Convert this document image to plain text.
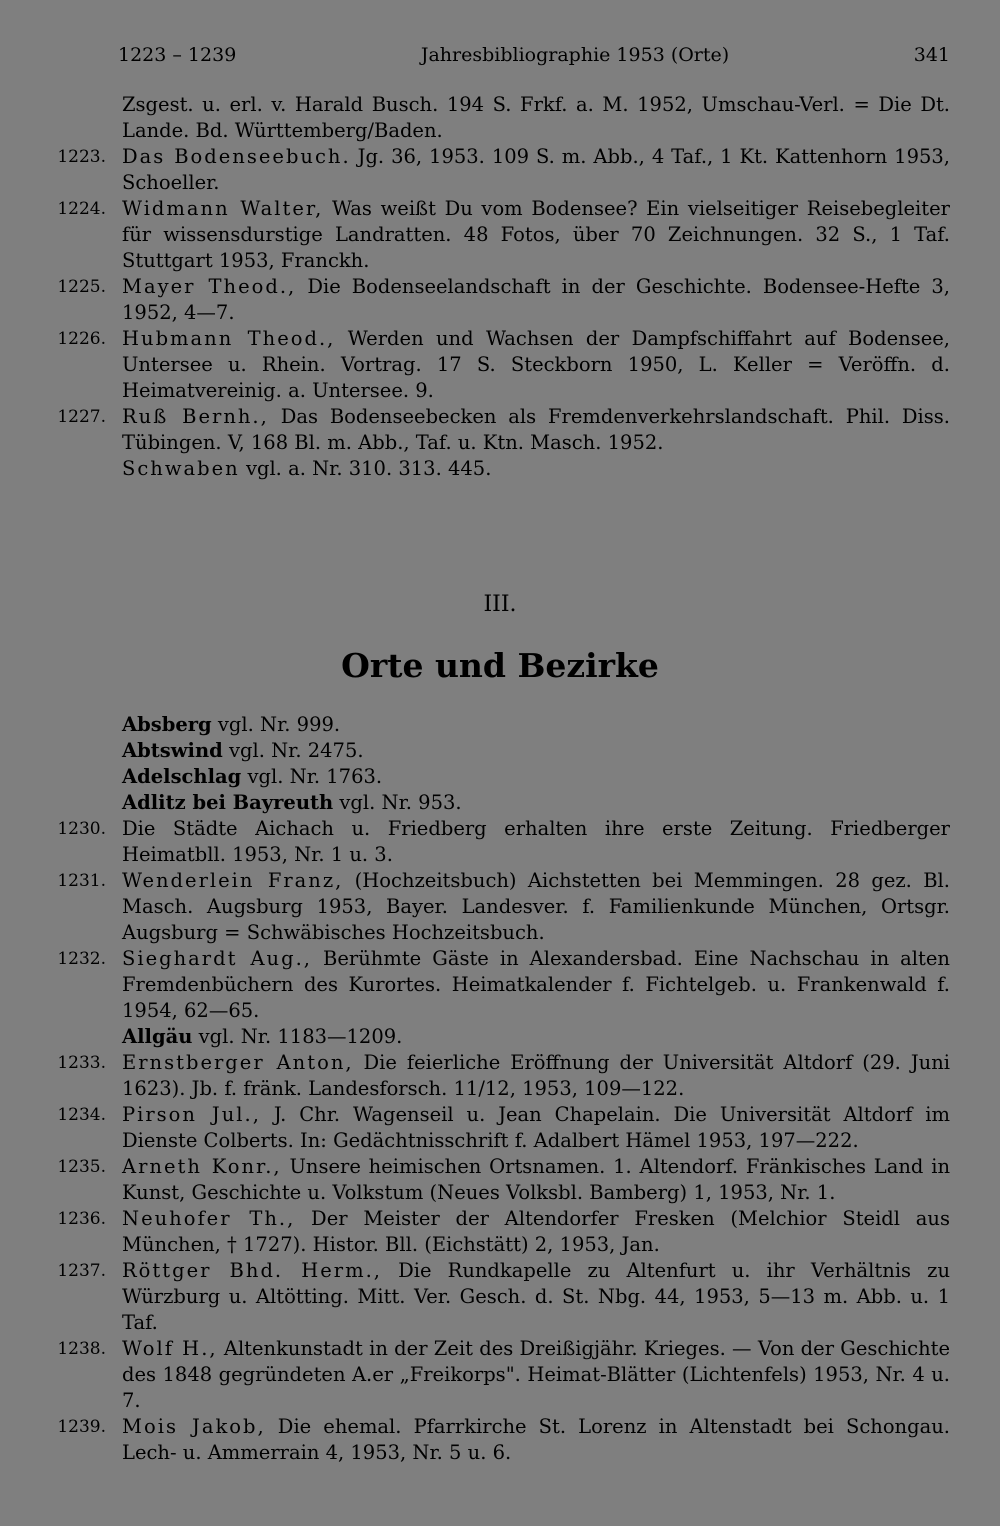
1223 – 1239	Jahresbibliographie 1953 (Orte)	341
Zsgest. u. erl. v. Harald Busch. 194 S. Frkf. a. M. 1952, Umschau-Verl. = Die Dt. Lande. Bd. Württemberg/Baden.
1223. Das Bodenseebuch. Jg. 36, 1953. 109 S. m. Abb., 4 Taf., 1 Kt. Kattenhorn 1953, Schoeller.
1224. Widmann Walter, Was weißt Du vom Bodensee? Ein vielseitiger Reisebegleiter für wissensdurstige Landratten. 48 Fotos, über 70 Zeichnungen. 32 S., 1 Taf. Stuttgart 1953, Franckh.
1225. Mayer Theod., Die Bodenseelandschaft in der Geschichte. Bodensee-Hefte 3, 1952, 4—7.
1226. Hubmann Theod., Werden und Wachsen der Dampfschiffahrt auf Bodensee, Untersee u. Rhein. Vortrag. 17 S. Steckborn 1950, L. Keller = Veröffn. d. Heimatvereinig. a. Untersee. 9.
1227. Ruß Bernh., Das Bodenseebecken als Fremdenverkehrslandschaft. Phil. Diss. Tübingen. V, 168 Bl. m. Abb., Taf. u. Ktn. Masch. 1952.
Schwaben vgl. a. Nr. 310. 313. 445.
III.
Orte und Bezirke
Absberg vgl. Nr. 999.
Abtswind vgl. Nr. 2475.
Adelschlag vgl. Nr. 1763.
Adlitz bei Bayreuth vgl. Nr. 953.
1230. Die Städte Aichach u. Friedberg erhalten ihre erste Zeitung. Friedberger Heimatbll. 1953, Nr. 1 u. 3.
1231. Wenderlein Franz, (Hochzeitsbuch) Aichstetten bei Memmingen. 28 gez. Bl. Masch. Augsburg 1953, Bayer. Landesver. f. Familienkunde München, Ortsgr. Augsburg = Schwäbisches Hochzeitsbuch.
1232. Sieghardt Aug., Berühmte Gäste in Alexandersbad. Eine Nachschau in alten Fremdenbüchern des Kurortes. Heimatkalender f. Fichtelgeb. u. Frankenwald f. 1954, 62—65.
Allgäu vgl. Nr. 1183—1209.
1233. Ernstberger Anton, Die feierliche Eröffnung der Universität Altdorf (29. Juni 1623). Jb. f. fränk. Landesforsch. 11/12, 1953, 109—122.
1234. Pirson Jul., J. Chr. Wagenseil u. Jean Chapelain. Die Universität Altdorf im Dienste Colberts. In: Gedächtnisschrift f. Adalbert Hämel 1953, 197—222.
1235. Arneth Konr., Unsere heimischen Ortsnamen. 1. Altendorf. Fränkisches Land in Kunst, Geschichte u. Volkstum (Neues Volksbl. Bamberg) 1, 1953, Nr. 1.
1236. Neuhofer Th., Der Meister der Altendorfer Fresken (Melchior Steidl aus München, † 1727). Histor. Bll. (Eichstätt) 2, 1953, Jan.
1237. Röttger Bhd. Herm., Die Rundkapelle zu Altenfurt u. ihr Verhältnis zu Würzburg u. Altötting. Mitt. Ver. Gesch. d. St. Nbg. 44, 1953, 5—13 m. Abb. u. 1 Taf.
1238. Wolf H., Altenkunstadt in der Zeit des Dreißigjähr. Krieges. — Von der Geschichte des 1848 gegründeten A.er „Freikorps". Heimat-Blätter (Lichtenfels) 1953, Nr. 4 u. 7.
1239. Mois Jakob, Die ehemal. Pfarrkirche St. Lorenz in Altenstadt bei Schongau. Lech- u. Ammerrain 4, 1953, Nr. 5 u. 6.
